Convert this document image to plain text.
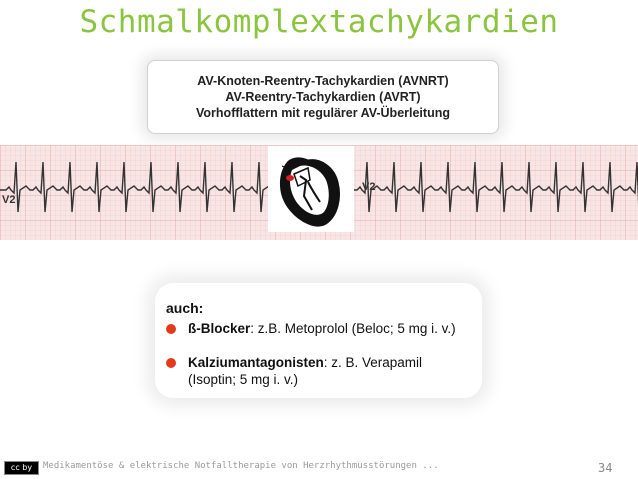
Schmalkomplextachykardien
AV-Knoten-Reentry-Tachykardien (AVNRT)
AV-Reentry-Tachykardien (AVRT)
Vorhofflattern mit regulärer AV-Überleitung
V2
V2
auch:
ß-Blocker: z.B. Metoprolol (Beloc; 5 mg i. v.)
Kalziumantagonisten: z. B. Verapamil (Isoptin; 5 mg i. v.)
cc by	Medikamentöse & elektrische Notfalltherapie von Herzrhythmusstörungen ...	34
